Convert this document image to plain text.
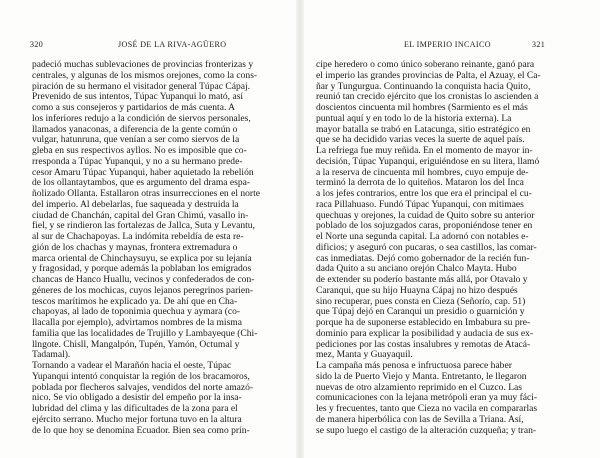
320	JOSÉ DE LA RIVA-AGÜERO
padeció muchas sublevaciones de provincias fronterizas y
centrales, y algunas de los mismos orejones, como la cons-
piración de su hermano el visitador general Túpac Cápaj.
Prevenido de sus intentos, Túpac Yupanqui lo mató, así
como a sus consejeros y partidarios de más cuenta. A
los inferiores redujo a la condición de siervos personales,
llamados yanaconas, a diferencia de la gente común o
vulgar, hatunruna, que venían a ser como siervos de la
gleba en sus respectivos ayllos. No es imposible que co-
rresponda a Túpac Yupanqui, y no a su hermano prede-
cesor Amaru Túpac Yupanqui, haber aquietado la rebelión
de los ollantaytambos, que es argumento del drama espa-
ñolizado Ollanta. Estallaron otras insurrecciones en el norte
del imperio. Al debelarlas, fue saqueada y destruida la
ciudad de Chanchán, capital del Gran Chimú, vasallo in-
fiel, y se rindieron las fortalezas de Jallca, Suta y Levantu,
al sur de Chachapoyas. La indómita rebeldía de esta re-
gión de los chachas y maynas, frontera extremadura o
marca oriental de Chinchaysuyu, se explica por su lejanía
y fragosidad, y porque además la poblaban los emigrados
chancas de Hanco Huallu, vecinos y confederados de con-
géneres de los mochicas, cuyos lejanos peregrinos parien-
tescos marítimos he explicado ya. De ahí que en Cha-
chapoyas, al lado de toponimia quechua y aymara (co-
llacalla por ejemplo), advirtamos nombres de la misma
familia que las localidades de Trujillo y Lambayeque (Chi-
llngote. Chisll, Mangalpón, Tupén, Yamón, Octumal y
Tadamal).
Tornando a vadear el Marañón hacia el oeste, Túpac
Yupanqui intentó conquistar la región de los bracamoros,
poblada por flecheros salvajes, vendidos del norte amazó-
nico. Se vio obligado a desistir del empeño por la insa-
lubridad del clima y las dificultades de la zona para el
ejército serrano. Mucho mejor fortuna tuvo en la altura
de lo que hoy se denomina Ecuador. Bien sea como prín-
EL IMPERIO INCAICO	321
cipe heredero o como único soberano reinante, ganó para
el imperio las grandes provincias de Palta, el Azuay, el Ca-
ñar y Tungurgua. Continuando la conquista hacia Quito,
reunió tan crecido ejército que los cronistas lo ascienden a
doscientos cincuenta mil hombres (Sarmiento es el más
puntual aquí y en todo lo de la historia externa). La
mayor batalla se trabó en Latacunga, sitio estratégico en
que se ha decidido varias veces la suerte de aquel país.
La refriega fue muy reñida. En el momento de mayor in-
decisión, Túpac Yupanqui, eriguiéndose en su litera, llamó
a la reserva de cincuenta mil hombres, cuyo empuje de-
terminó la derrota de lo quiteños. Mataron los del Inca
a los jefes contrarios, entre los que era el principal el cu-
raca Pillahuaso. Fundó Túpac Yupanqui, con mitimaes
quechuas y orejones, la cuidad de Quito sobre su anterior
poblado de los sojuzgados caras, proponiéndose tener en
el Norte una segunda capital. La adornó con notables e-
dificios; y aseguró con pucaras, o sea castillos, las comar-
cas inmediatas. Dejó como gobernador de la recién fun-
dada Quito a su anciano orejón Chalco Mayta. Hubo
de extender su poderío bastante más allá, por Otavalo y
Caranqui, que su hijo Huayna Cápaj no hizo después
sino recuperar, pues consta en Cieza (Señorío, cap. 51)
que Túpaj dejó en Caranqui un presidio o guarnición y
porque ha de suponerse establecido en Imbabura su pre-
dominio para explicar la posibilidad y audacia de sus ex-
pediciones por las costas insalubres y remotas de Atacá-
mez, Manta y Guayaquil.
La campaña más penosa e infructuosa parece haber
sido la de Puerto Viejo y Manta. Entretanto, le llegaron
nuevas de otro alzamiento reprimido en el Cuzco. Las
comunicaciones con la lejana metrópoli eran ya muy fáci-
les y frecuentes, tanto que Cieza no vacila en compararlas
de manera hiperbólica con las de Sevilla a Triana. Así,
se supo luego el castigo de la alteración cuzqueña; y tran-
